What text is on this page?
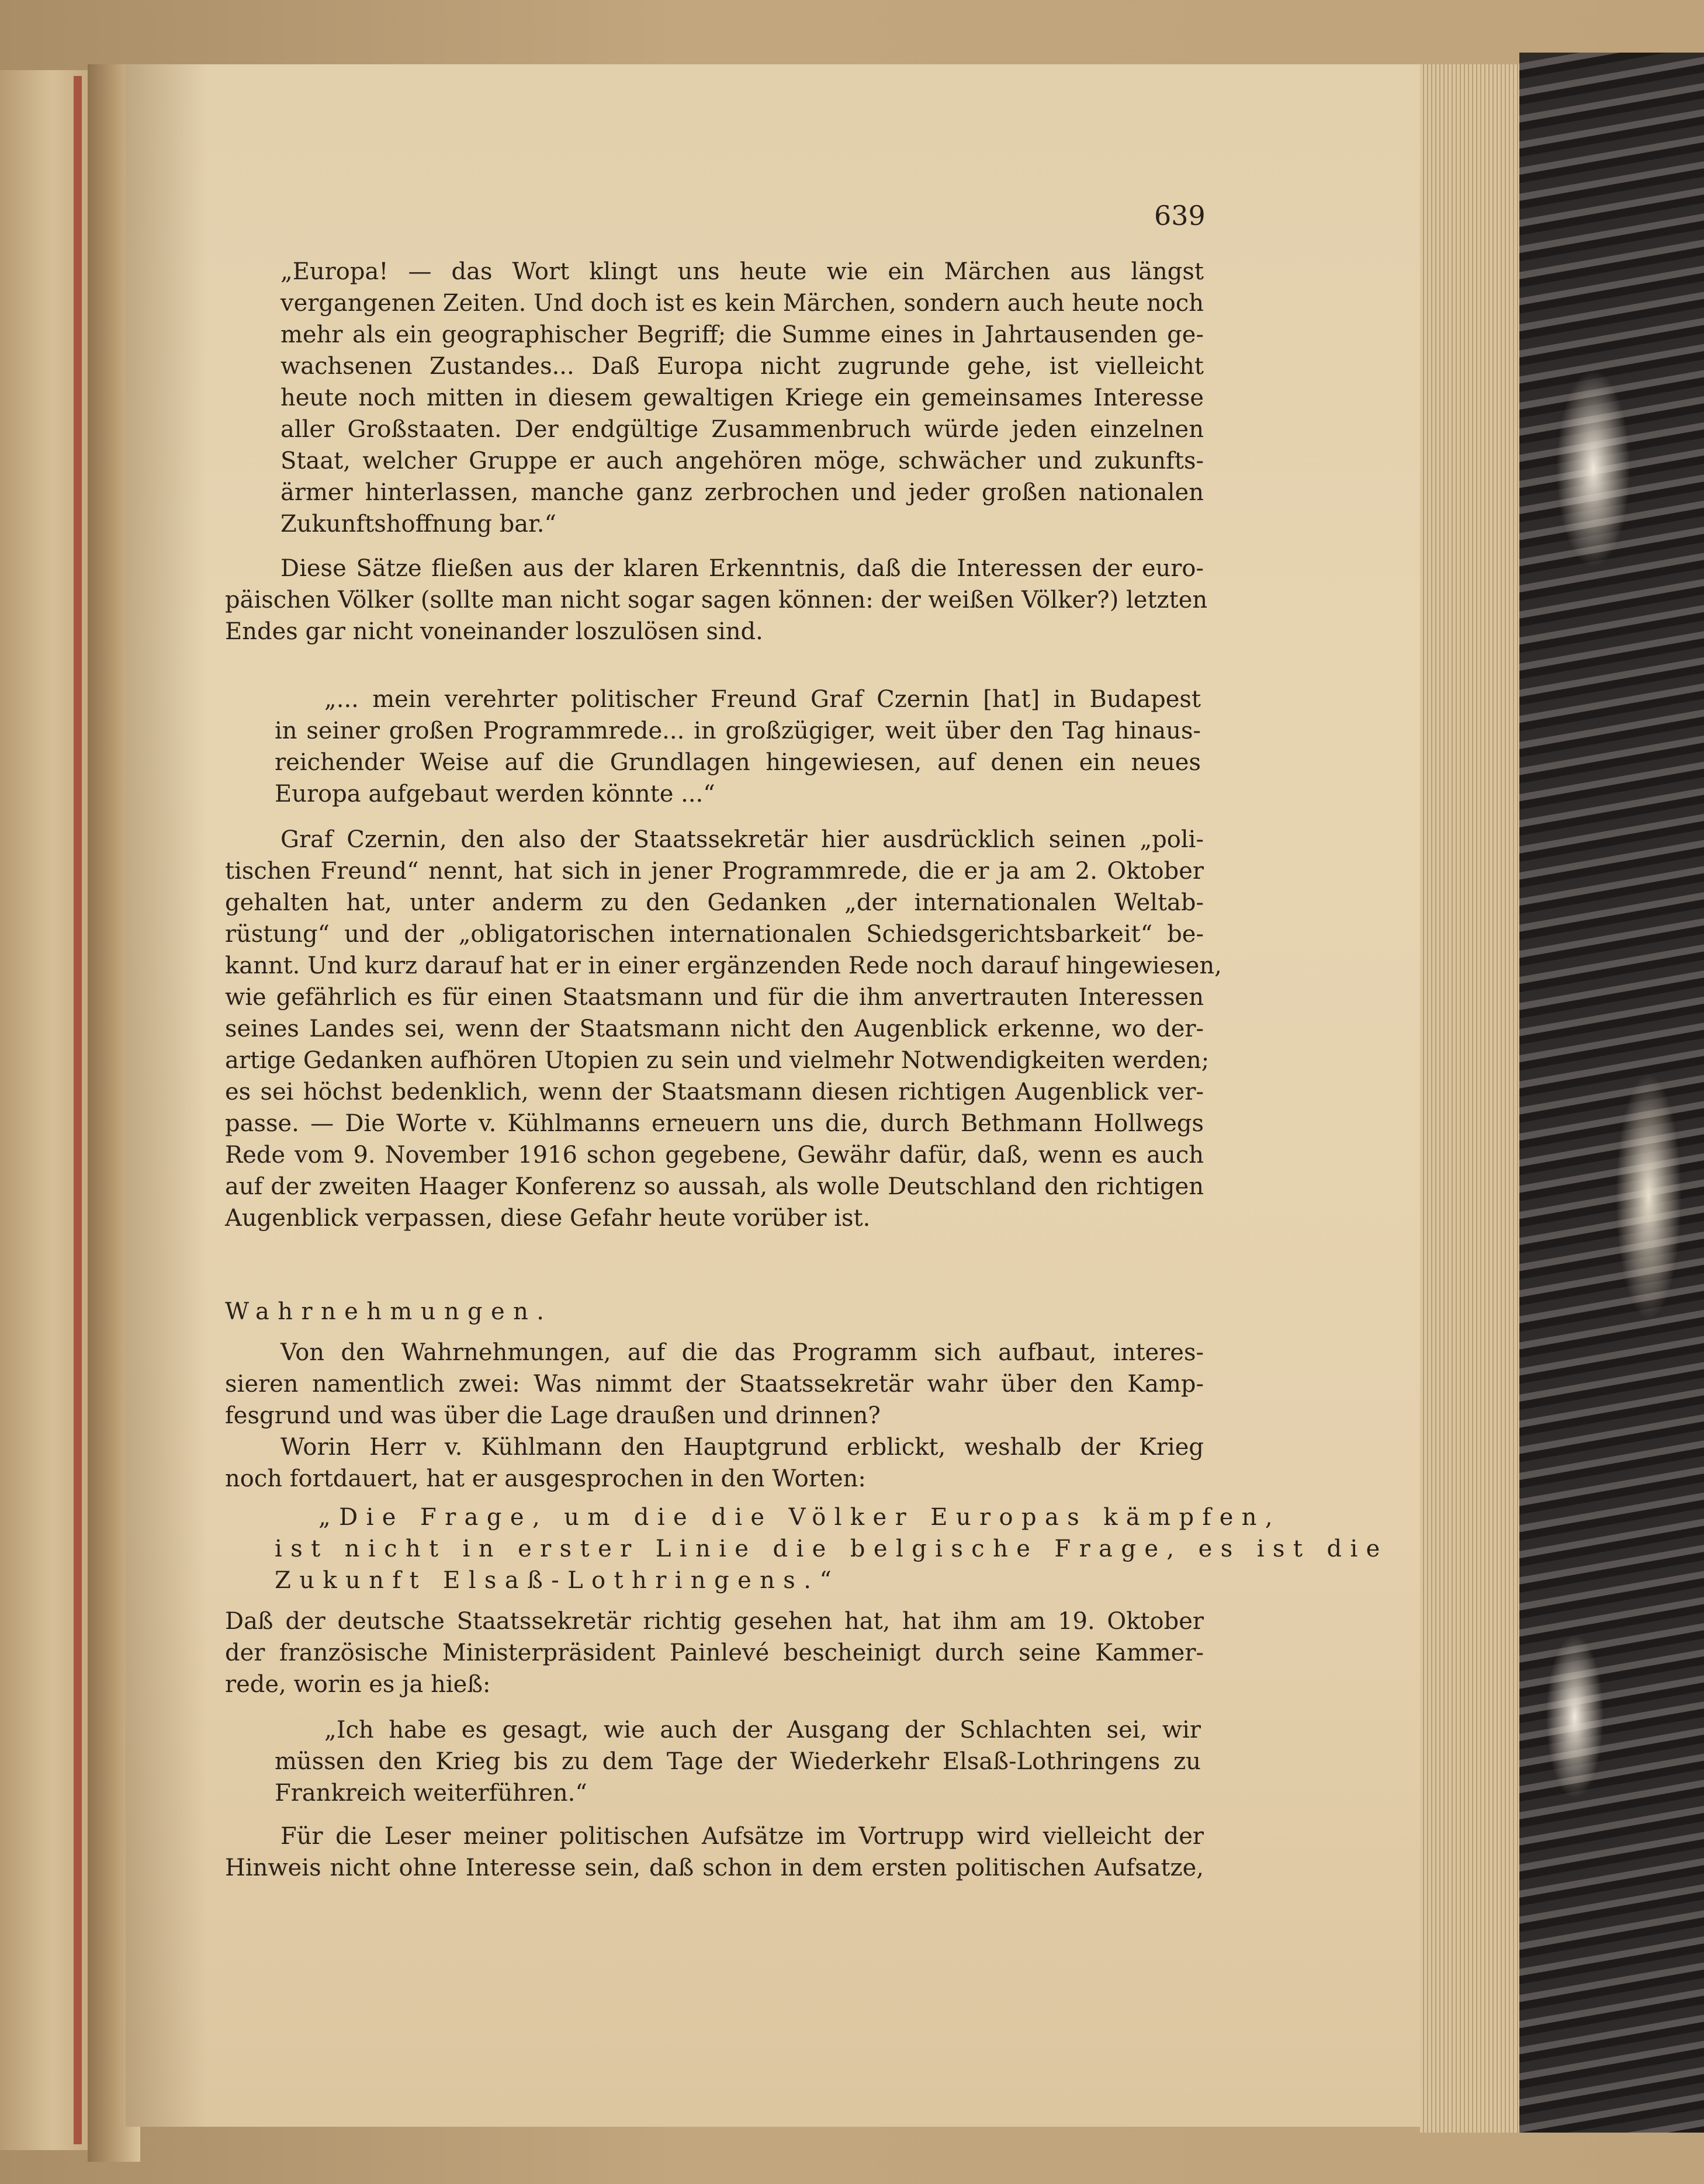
639

„Europa! — das Wort klingt uns heute wie ein Märchen aus längst

vergangenen Zeiten. Und doch ist es kein Märchen, sondern auch heute noch

mehr als ein geographischer Begriff; die Summe eines in Jahrtausenden ge-

wachsenen Zustandes... Daß Europa nicht zugrunde gehe, ist vielleicht

heute noch mitten in diesem gewaltigen Kriege ein gemeinsames Interesse

aller Großstaaten. Der endgültige Zusammenbruch würde jeden einzelnen

Staat, welcher Gruppe er auch angehören möge, schwächer und zukunfts-

ärmer hinterlassen, manche ganz zerbrochen und jeder großen nationalen

Zukunftshoffnung bar.“

Diese Sätze fließen aus der klaren Erkenntnis, daß die Interessen der euro-

päischen Völker (sollte man nicht sogar sagen können: der weißen Völker?) letzten

Endes gar nicht voneinander loszulösen sind.

„... mein verehrter politischer Freund Graf Czernin [hat] in Budapest

in seiner großen Programmrede... in großzügiger, weit über den Tag hinaus-

reichender Weise auf die Grundlagen hingewiesen, auf denen ein neues

Europa aufgebaut werden könnte ...“

Graf Czernin, den also der Staatssekretär hier ausdrücklich seinen „poli-

tischen Freund“ nennt, hat sich in jener Programmrede, die er ja am 2. Oktober

gehalten hat, unter anderm zu den Gedanken „der internationalen Weltab-

rüstung“ und der „obligatorischen internationalen Schiedsgerichtsbarkeit“ be-

kannt. Und kurz darauf hat er in einer ergänzenden Rede noch darauf hingewiesen,

wie gefährlich es für einen Staatsmann und für die ihm anvertrauten Interessen

seines Landes sei, wenn der Staatsmann nicht den Augenblick erkenne, wo der-

artige Gedanken aufhören Utopien zu sein und vielmehr Notwendigkeiten werden;

es sei höchst bedenklich, wenn der Staatsmann diesen richtigen Augenblick ver-

passe. — Die Worte v. Kühlmanns erneuern uns die, durch Bethmann Hollwegs

Rede vom 9. November 1916 schon gegebene, Gewähr dafür, daß, wenn es auch

auf der zweiten Haager Konferenz so aussah, als wolle Deutschland den richtigen

Augenblick verpassen, diese Gefahr heute vorüber ist.

Wahrnehmungen.

Von den Wahrnehmungen, auf die das Programm sich aufbaut, interes-

sieren namentlich zwei: Was nimmt der Staatssekretär wahr über den Kamp-

fesgrund und was über die Lage draußen und drinnen?

Worin Herr v. Kühlmann den Hauptgrund erblickt, weshalb der Krieg

noch fortdauert, hat er ausgesprochen in den Worten:

„Die Frage, um die die Völker Europas kämpfen,

ist nicht in erster Linie die belgische Frage, es ist die

Zukunft Elsaß-Lothringens.“

Daß der deutsche Staatssekretär richtig gesehen hat, hat ihm am 19. Oktober

der französische Ministerpräsident Painlevé bescheinigt durch seine Kammer-

rede, worin es ja hieß:

„Ich habe es gesagt, wie auch der Ausgang der Schlachten sei, wir

müssen den Krieg bis zu dem Tage der Wiederkehr Elsaß-Lothringens zu

Frankreich weiterführen.“

Für die Leser meiner politischen Aufsätze im Vortrupp wird vielleicht der

Hinweis nicht ohne Interesse sein, daß schon in dem ersten politischen Aufsatze,
